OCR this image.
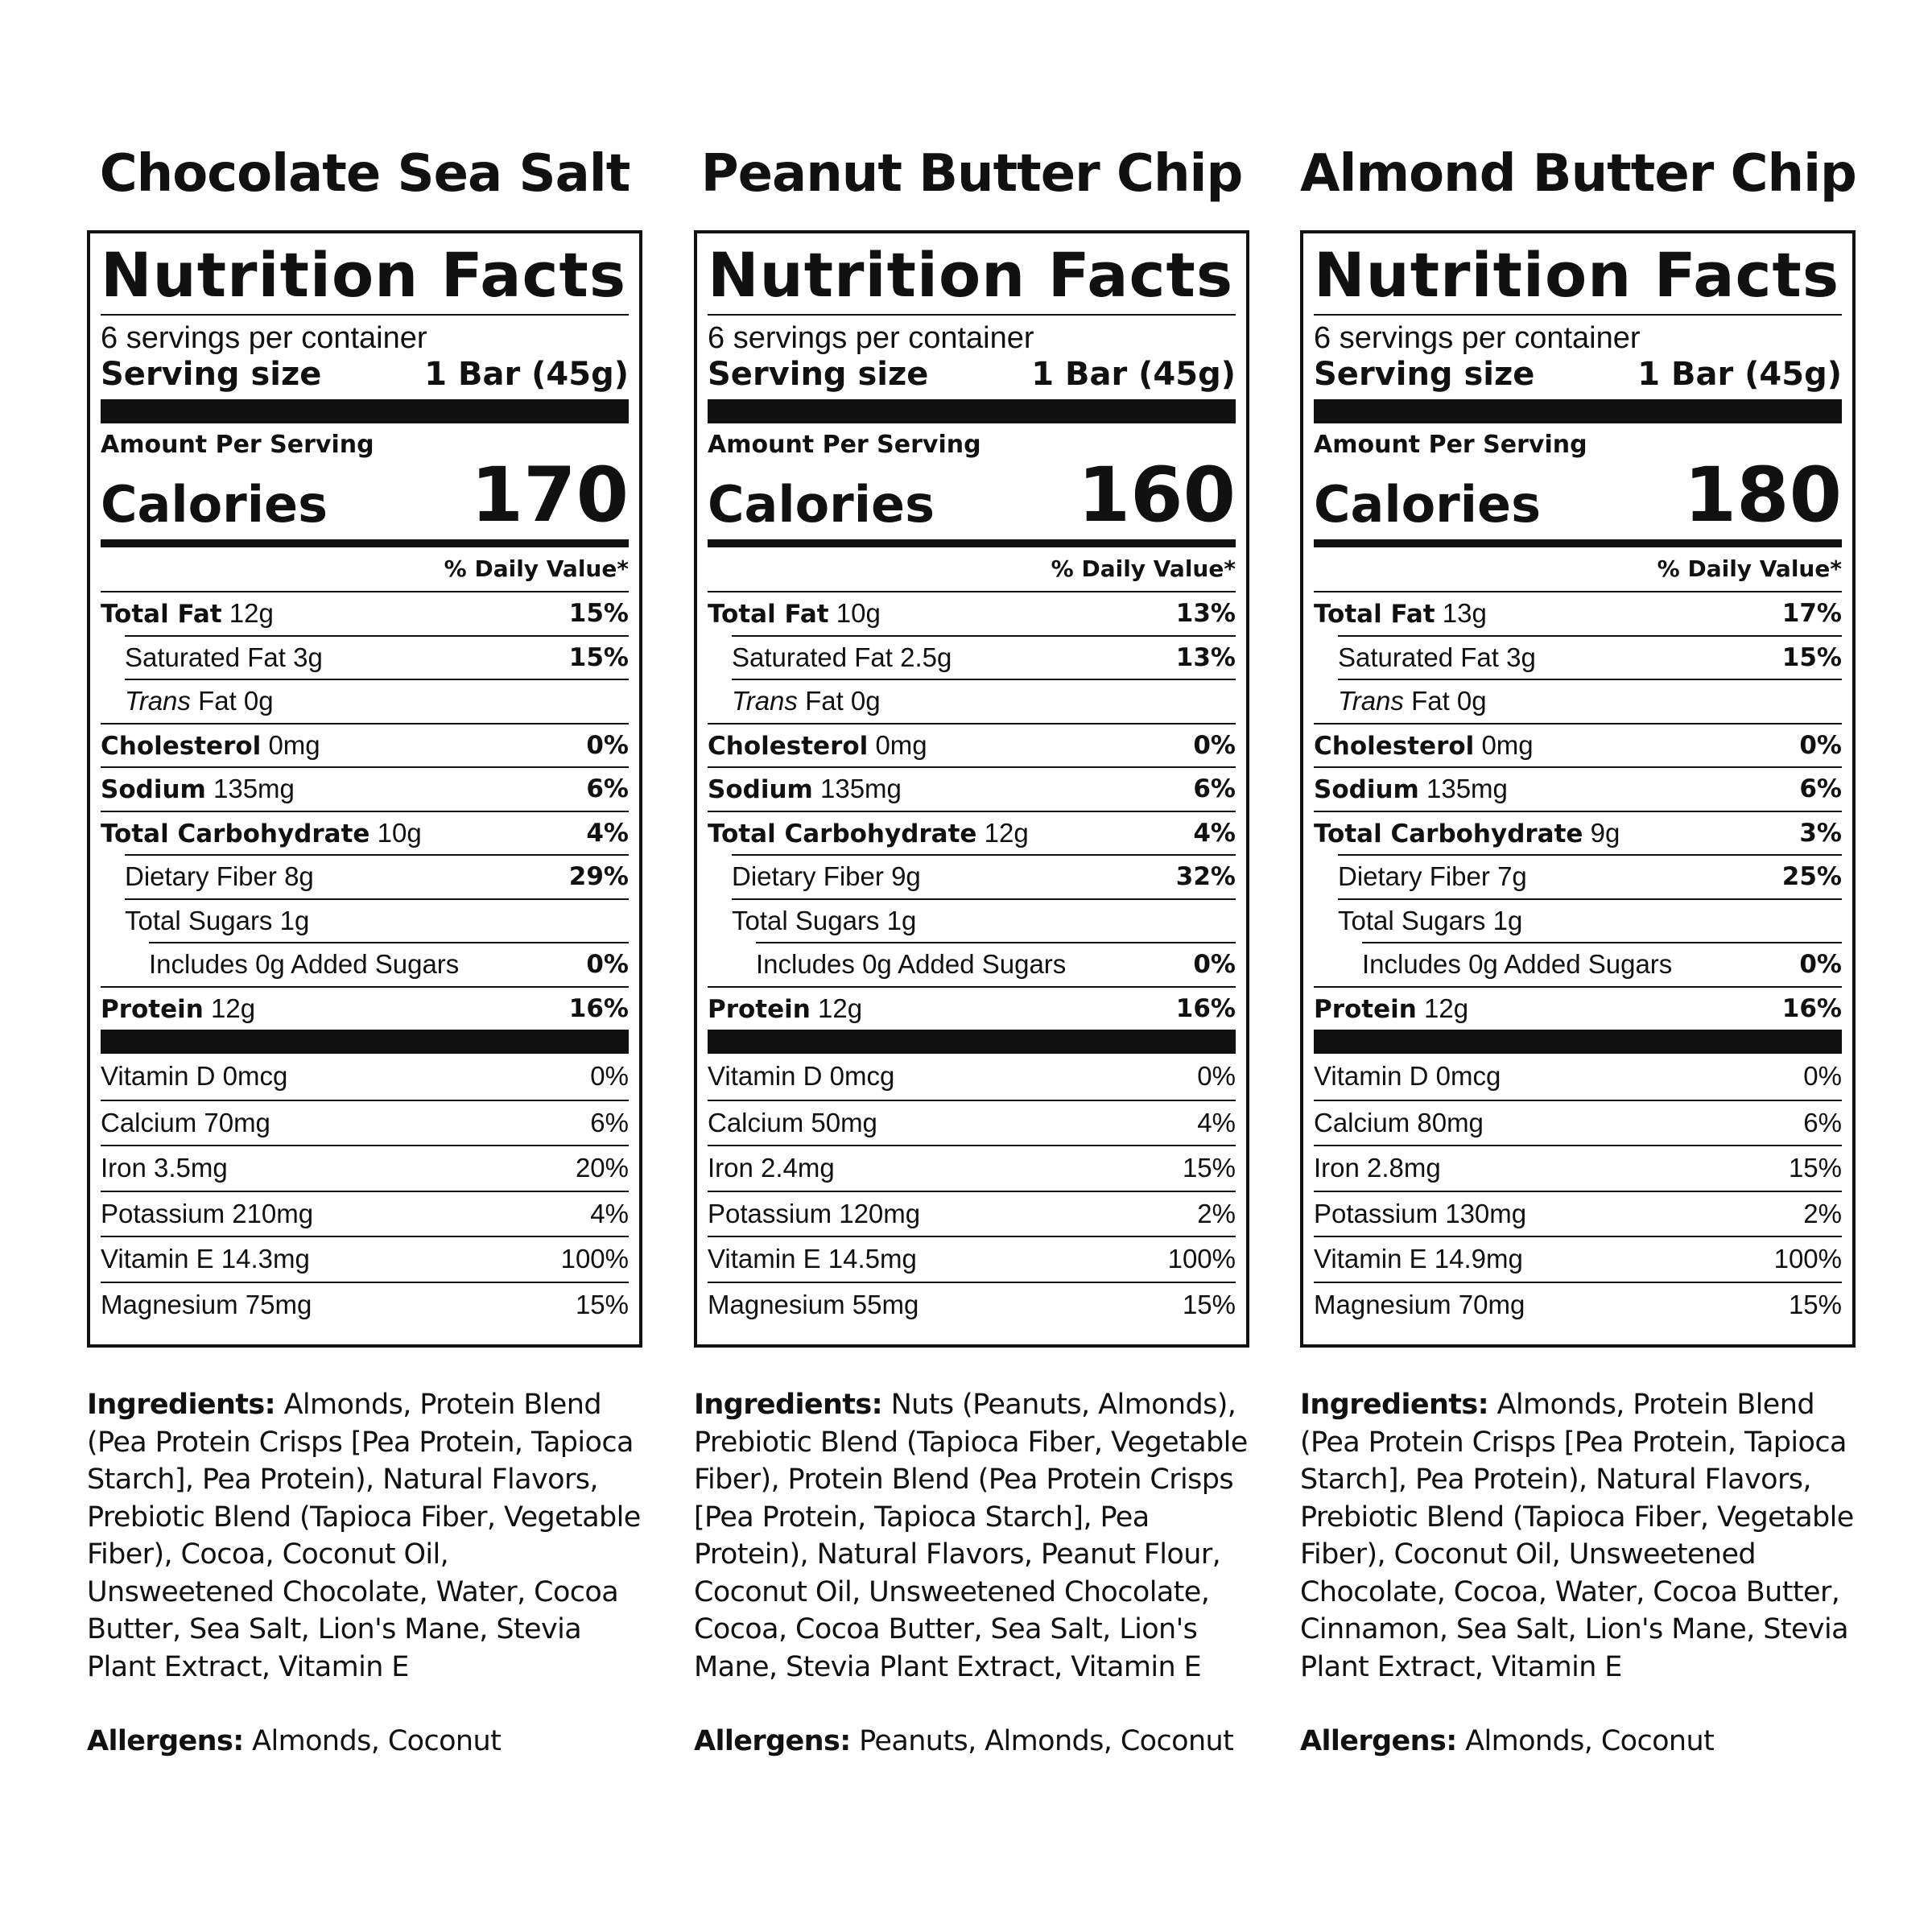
Chocolate Sea Salt
Nutrition Facts
6 servings per container
Serving size	1 Bar (45g)
Amount Per Serving
Calories 170
% Daily Value*
Total Fat 12g	15%
Saturated Fat 3g	15%
Trans Fat 0g
Cholesterol 0mg	0%
Sodium 135mg	6%
Total Carbohydrate 10g	4%
Dietary Fiber 8g	29%
Total Sugars 1g
Includes 0g Added Sugars	0%
Protein 12g	16%
Vitamin D 0mcg	0%
Calcium 70mg	6%
Iron 3.5mg	20%
Potassium 210mg	4%
Vitamin E 14.3mg	100%
Magnesium 75mg	15%
Ingredients: Almonds, Protein Blend (Pea Protein Crisps [Pea Protein, Tapioca Starch], Pea Protein), Natural Flavors, Prebiotic Blend (Tapioca Fiber, Vegetable Fiber), Cocoa, Coconut Oil, Unsweetened Chocolate, Water, Cocoa Butter, Sea Salt, Lion's Mane, Stevia Plant Extract, Vitamin E
Allergens: Almonds, Coconut
Peanut Butter Chip
Nutrition Facts
6 servings per container
Serving size	1 Bar (45g)
Amount Per Serving
Calories 160
% Daily Value*
Total Fat 10g	13%
Saturated Fat 2.5g	13%
Trans Fat 0g
Cholesterol 0mg	0%
Sodium 135mg	6%
Total Carbohydrate 12g	4%
Dietary Fiber 9g	32%
Total Sugars 1g
Includes 0g Added Sugars	0%
Protein 12g	16%
Vitamin D 0mcg	0%
Calcium 50mg	4%
Iron 2.4mg	15%
Potassium 120mg	2%
Vitamin E 14.5mg	100%
Magnesium 55mg	15%
Ingredients: Nuts (Peanuts, Almonds), Prebiotic Blend (Tapioca Fiber, Vegetable Fiber), Protein Blend (Pea Protein Crisps [Pea Protein, Tapioca Starch], Pea Protein), Natural Flavors, Peanut Flour, Coconut Oil, Unsweetened Chocolate, Cocoa, Cocoa Butter, Sea Salt, Lion's Mane, Stevia Plant Extract, Vitamin E
Allergens: Peanuts, Almonds, Coconut
Almond Butter Chip
Nutrition Facts
6 servings per container
Serving size	1 Bar (45g)
Amount Per Serving
Calories 180
% Daily Value*
Total Fat 13g	17%
Saturated Fat 3g	15%
Trans Fat 0g
Cholesterol 0mg	0%
Sodium 135mg	6%
Total Carbohydrate 9g	3%
Dietary Fiber 7g	25%
Total Sugars 1g
Includes 0g Added Sugars	0%
Protein 12g	16%
Vitamin D 0mcg	0%
Calcium 80mg	6%
Iron 2.8mg	15%
Potassium 130mg	2%
Vitamin E 14.9mg	100%
Magnesium 70mg	15%
Ingredients: Almonds, Protein Blend (Pea Protein Crisps [Pea Protein, Tapioca Starch], Pea Protein), Natural Flavors, Prebiotic Blend (Tapioca Fiber, Vegetable Fiber), Coconut Oil, Unsweetened Chocolate, Cocoa, Water, Cocoa Butter, Cinnamon, Sea Salt, Lion's Mane, Stevia Plant Extract, Vitamin E
Allergens: Almonds, Coconut
